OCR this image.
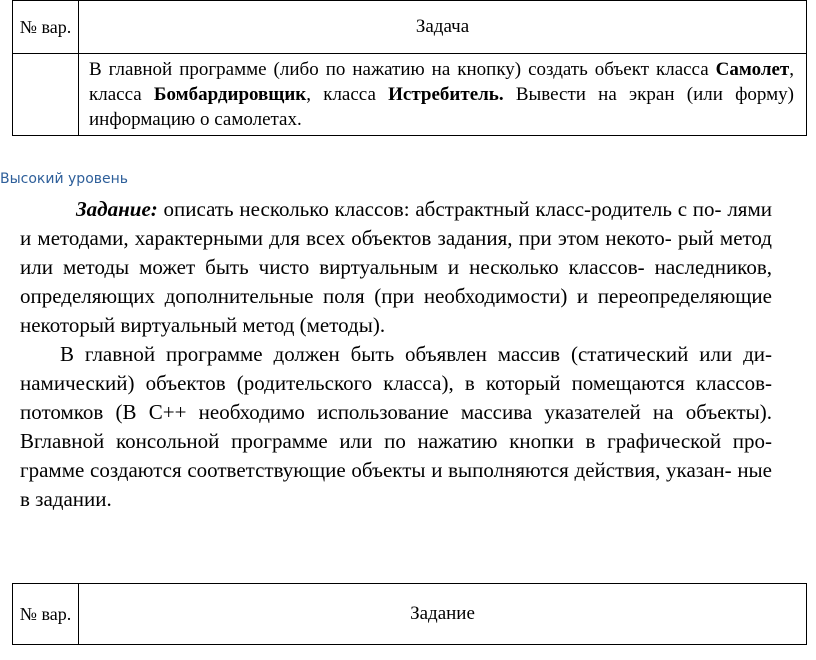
№ вар.	Задача
	В главной программе (либо по нажатию на кнопку) создать объект класса Самолет, класса Бомбардировщик, класса Истребитель. Вывести на экран (или форму) информацию о самолетах.
Высокий уровень

Задание: описать несколько классов: абстрактный класс-родитель с по- лями и методами, характерными для всех объектов задания, при этом некото- рый метод или методы может быть чисто виртуальным и несколько классов- наследников, определяющих дополнительные поля (при необходимости) и переопределяющие некоторый виртуальный метод (методы).

В главной программе должен быть объявлен массив (статический или ди- намический) объектов (родительского класса), в который помещаются классов- потомков (В С++ необходимо использование массива указателей на объекты). Вглавной консольной программе или по нажатию кнопки в графической про- грамме создаются соответствующие объекты и выполняются действия, указан- ные в задании.

№ вар.	Задание
